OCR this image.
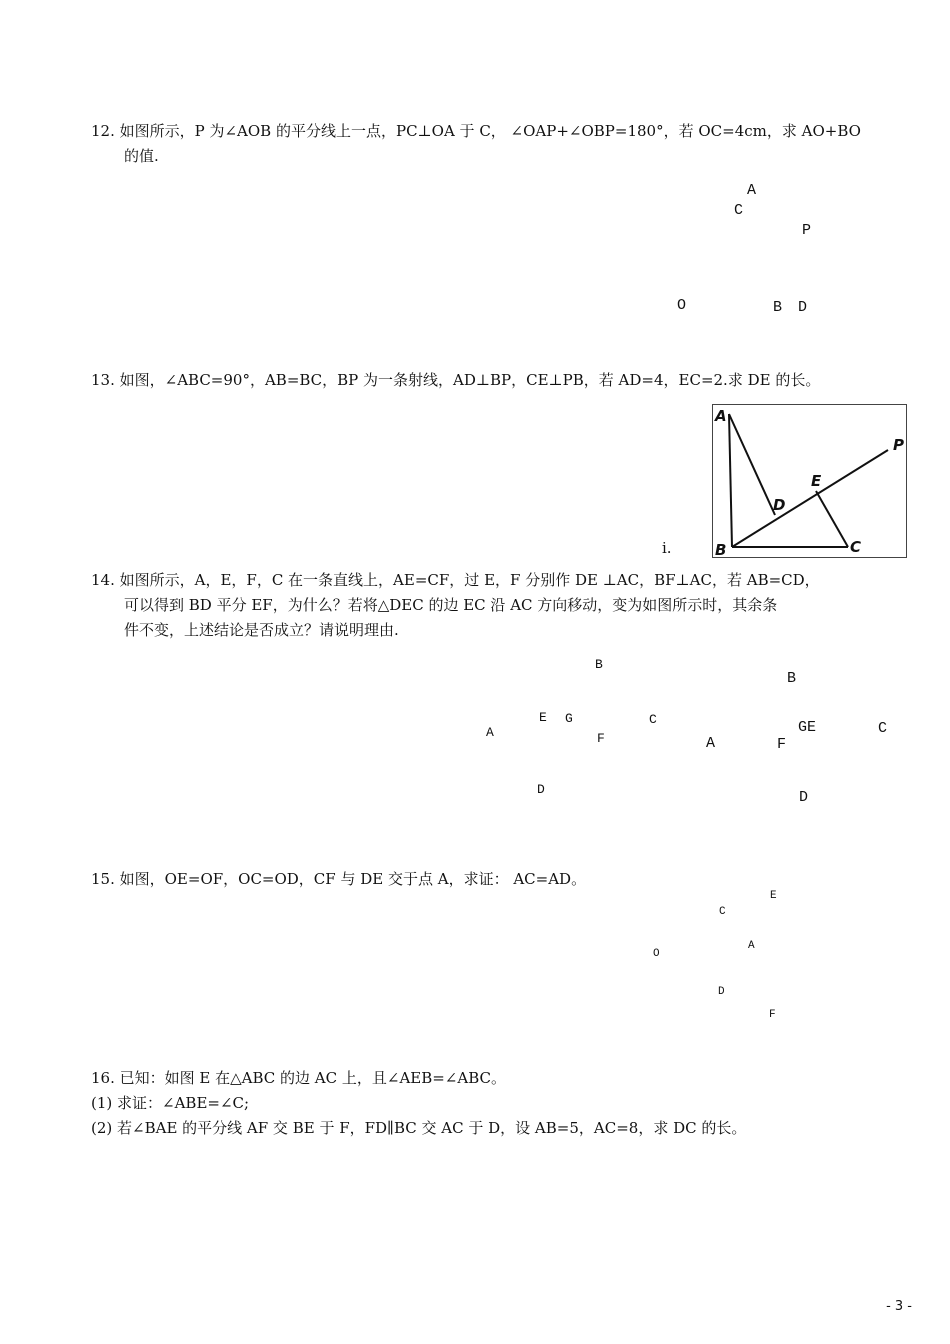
12. 如图所示，P 为∠AOB 的平分线上一点，PC⊥OA 于 C， ∠OAP+∠OBP=180°，若 OC=4cm，求 AO+BO
的值.
A
C
P
O	B D
13. 如图，∠ABC=90°，AB=BC，BP 为一条射线，AD⊥BP，CE⊥PB，若 AD=4，EC=2.求 DE 的长。
i.
A
B	C
D
E
P
14. 如图所示，A，E，F，C 在一条直线上，AE=CF，过 E，F 分别作 DE ⊥AC，BF⊥AC，若 AB=CD，
可以得到 BD 平分 EF，为什么？若将△DEC 的边 EC 沿 AC 方向移动，变为如图所示时，其余条
件不变，上述结论是否成立？请说明理由.
B
E G	C
A	F
D
B
GE	C
A	F
D
15. 如图，OE=OF，OC=OD，CF 与 DE 交于点 A，求证： AC=AD。
E
C
A
O
D
F
16. 已知：如图 E 在△ABC 的边 AC 上，且∠AEB=∠ABC。
(1) 求证：∠ABE=∠C;
(2) 若∠BAE 的平分线 AF 交 BE 于 F，FD∥BC 交 AC 于 D，设 AB=5，AC=8，求 DC 的长。
- 3 -
